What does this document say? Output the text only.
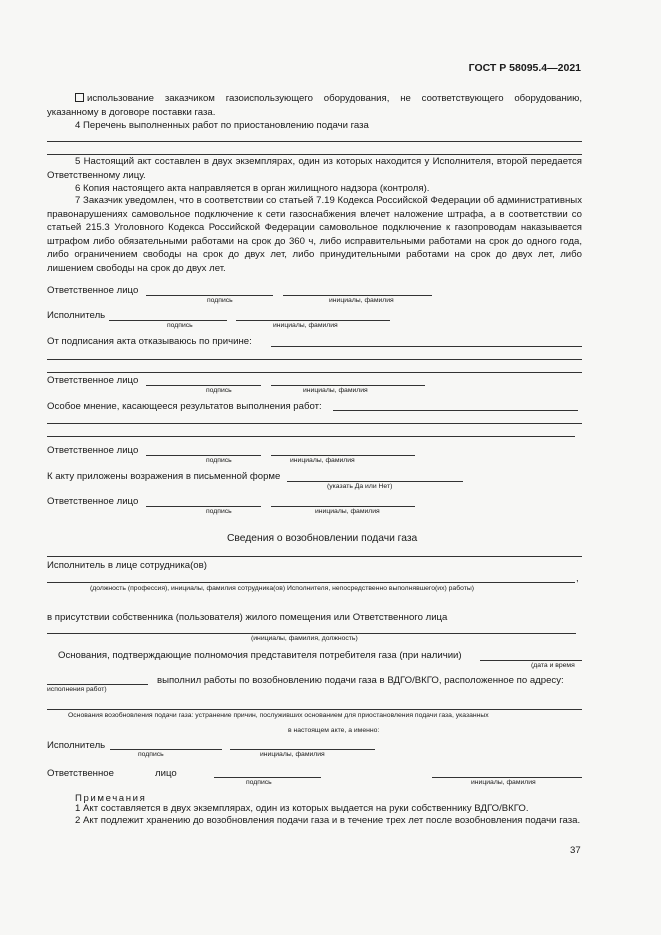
ГОСТ Р 58095.4—2021
использование заказчиком газоиспользующего оборудования, не соответствующего оборудованию, указанному в договоре поставки газа.
4 Перечень выполненных работ по приостановлению подачи газа
5 Настоящий акт составлен в двух экземплярах, один из которых находится у Исполнителя, второй передается Ответственному лицу.
6 Копия настоящего акта направляется в орган жилищного надзора (контроля).
7 Заказчик уведомлен, что в соответствии со статьей 7.19 Кодекса Российской Федерации об административных правонарушениях самовольное подключение к сети газоснабжения влечет наложение штрафа, а в соответствии со статьей 215.3 Уголовного Кодекса Российской Федерации самовольное подключение к газопроводам наказывается штрафом либо обязательными работами на срок до 360 ч, либо исправительными работами на срок до одного года, либо ограничением свободы на срок до двух лет, либо принудительными работами на срок до двух лет, либо лишением свободы на срок до двух лет.
Ответственное лицо
подпись	инициалы, фамилия
Исполнитель
подпись	инициалы, фамилия
От подписания акта отказываюсь по причине:
Ответственное лицо
подпись	инициалы, фамилия
Особое мнение, касающееся результатов выполнения работ:
Ответственное лицо
подпись	инициалы, фамилия
К акту приложены возражения в письменной форме
(указать Да или Нет)
Ответственное лицо
подпись	инициалы, фамилия
Сведения о возобновлении подачи газа
Исполнитель в лице сотрудника(ов)
,
(должность (профессия), инициалы, фамилия сотрудника(ов) Исполнителя, непосредственно выполнявшего(их) работы)
в присутствии собственника (пользователя) жилого помещения или Ответственного лица
(инициалы, фамилия, должность)
Основания, подтверждающие полномочия представителя потребителя газа (при наличии)
(дата и время
выполнил работы по возобновлению подачи газа в ВДГО/ВКГО, расположенное по адресу:
исполнения работ)
Основания возобновления подачи газа: устранение причин, послуживших основанием для приостановления подачи газа, указанных
в настоящем акте, а именно:
Исполнитель
подпись	инициалы, фамилия
Ответственное	лицо
подпись	инициалы, фамилия
Примечания
1 Акт составляется в двух экземплярах, один из которых выдается на руки собственнику ВДГО/ВКГО.
2 Акт подлежит хранению до возобновления подачи газа и в течение трех лет после возобновления подачи газа.
37
